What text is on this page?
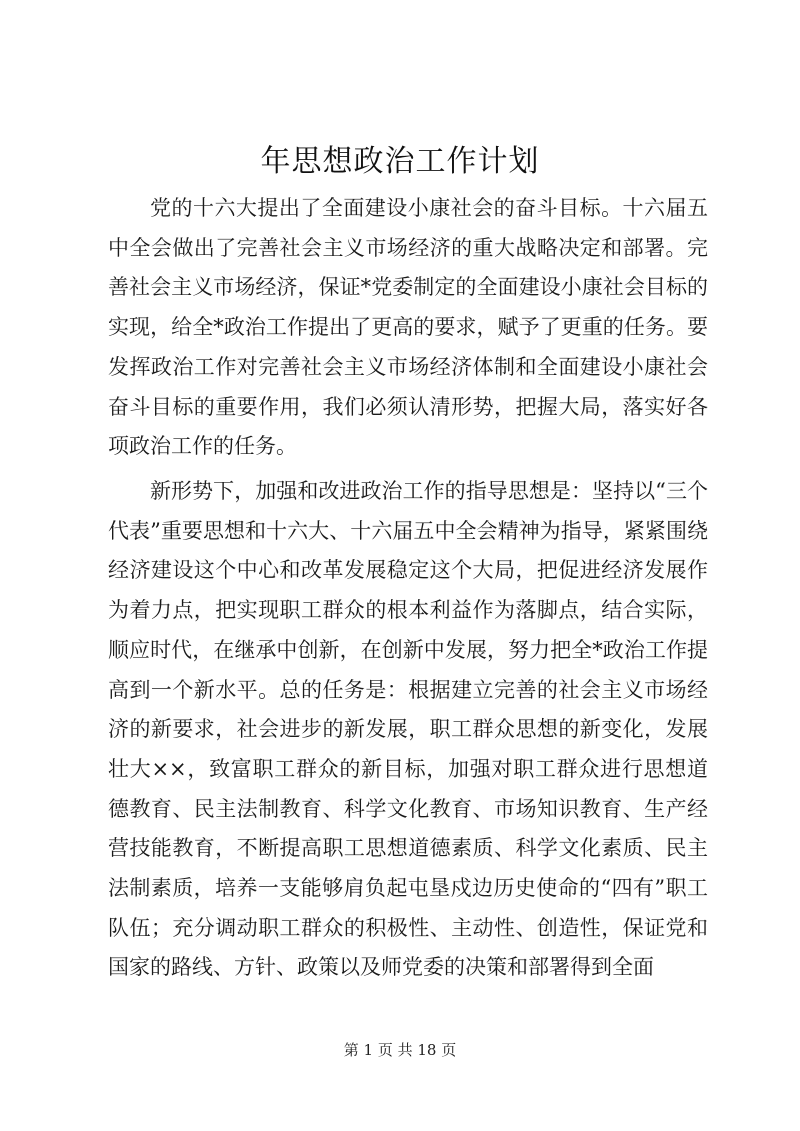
年思想政治工作计划

党的十六大提出了全面建设小康社会的奋斗目标。十六届五中全会做出了完善社会主义市场经济的重大战略决定和部署。完善社会主义市场经济，保证*党委制定的全面建设小康社会目标的实现，给全*政治工作提出了更高的要求，赋予了更重的任务。要发挥政治工作对完善社会主义市场经济体制和全面建设小康社会奋斗目标的重要作用，我们必须认清形势，把握大局，落实好各项政治工作的任务。

新形势下，加强和改进政治工作的指导思想是：坚持以“三个代表”重要思想和十六大、十六届五中全会精神为指导，紧紧围绕经济建设这个中心和改革发展稳定这个大局，把促进经济发展作为着力点，把实现职工群众的根本利益作为落脚点，结合实际，顺应时代，在继承中创新，在创新中发展，努力把全*政治工作提高到一个新水平。总的任务是：根据建立完善的社会主义市场经济的新要求，社会进步的新发展，职工群众思想的新变化，发展壮大××，致富职工群众的新目标，加强对职工群众进行思想道德教育、民主法制教育、科学文化教育、市场知识教育、生产经营技能教育，不断提高职工思想道德素质、科学文化素质、民主法制素质，培养一支能够肩负起屯垦戍边历史使命的“四有”职工队伍；充分调动职工群众的积极性、主动性、创造性，保证党和国家的路线、方针、政策以及师党委的决策和部署得到全面

第 1 页 共 18 页
